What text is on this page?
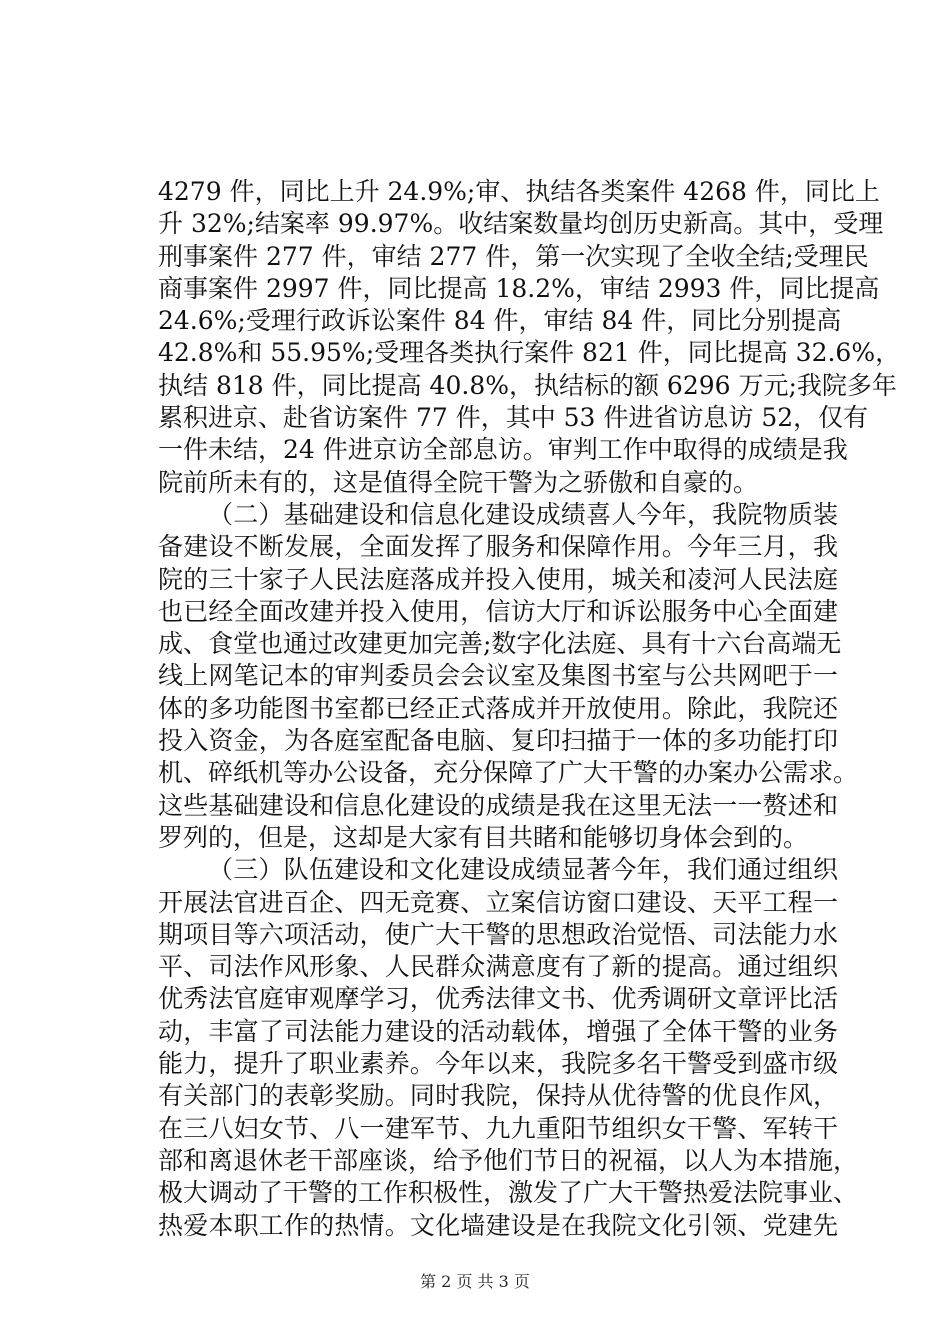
4279 件，同比上升 24.9%;审、执结各类案件 4268 件，同比上
升 32%;结案率 99.97%。收结案数量均创历史新高。其中，受理
刑事案件 277 件，审结 277 件，第一次实现了全收全结;受理民
商事案件 2997 件，同比提高 18.2%，审结 2993 件，同比提高
24.6%;受理行政诉讼案件 84 件，审结 84 件，同比分别提高
42.8%和 55.95%;受理各类执行案件 821 件，同比提高 32.6%，
执结 818 件，同比提高 40.8%，执结标的额 6296 万元;我院多年
累积进京、赴省访案件 77 件，其中 53 件进省访息访 52，仅有
一件未结，24 件进京访全部息访。审判工作中取得的成绩是我
院前所未有的，这是值得全院干警为之骄傲和自豪的。
（二）基础建设和信息化建设成绩喜人今年，我院物质装
备建设不断发展，全面发挥了服务和保障作用。今年三月，我
院的三十家子人民法庭落成并投入使用，城关和凌河人民法庭
也已经全面改建并投入使用，信访大厅和诉讼服务中心全面建
成、食堂也通过改建更加完善;数字化法庭、具有十六台高端无
线上网笔记本的审判委员会会议室及集图书室与公共网吧于一
体的多功能图书室都已经正式落成并开放使用。除此，我院还
投入资金，为各庭室配备电脑、复印扫描于一体的多功能打印
机、碎纸机等办公设备，充分保障了广大干警的办案办公需求。
这些基础建设和信息化建设的成绩是我在这里无法一一赘述和
罗列的，但是，这却是大家有目共睹和能够切身体会到的。
（三）队伍建设和文化建设成绩显著今年，我们通过组织
开展法官进百企、四无竞赛、立案信访窗口建设、天平工程一
期项目等六项活动，使广大干警的思想政治觉悟、司法能力水
平、司法作风形象、人民群众满意度有了新的提高。通过组织
优秀法官庭审观摩学习，优秀法律文书、优秀调研文章评比活
动，丰富了司法能力建设的活动载体，增强了全体干警的业务
能力，提升了职业素养。今年以来，我院多名干警受到盛市级
有关部门的表彰奖励。同时我院，保持从优待警的优良作风，
在三八妇女节、八一建军节、九九重阳节组织女干警、军转干
部和离退休老干部座谈，给予他们节日的祝福，以人为本措施，
极大调动了干警的工作积极性，激发了广大干警热爱法院事业、
热爱本职工作的热情。文化墙建设是在我院文化引领、党建先
第 2 页 共 3 页
